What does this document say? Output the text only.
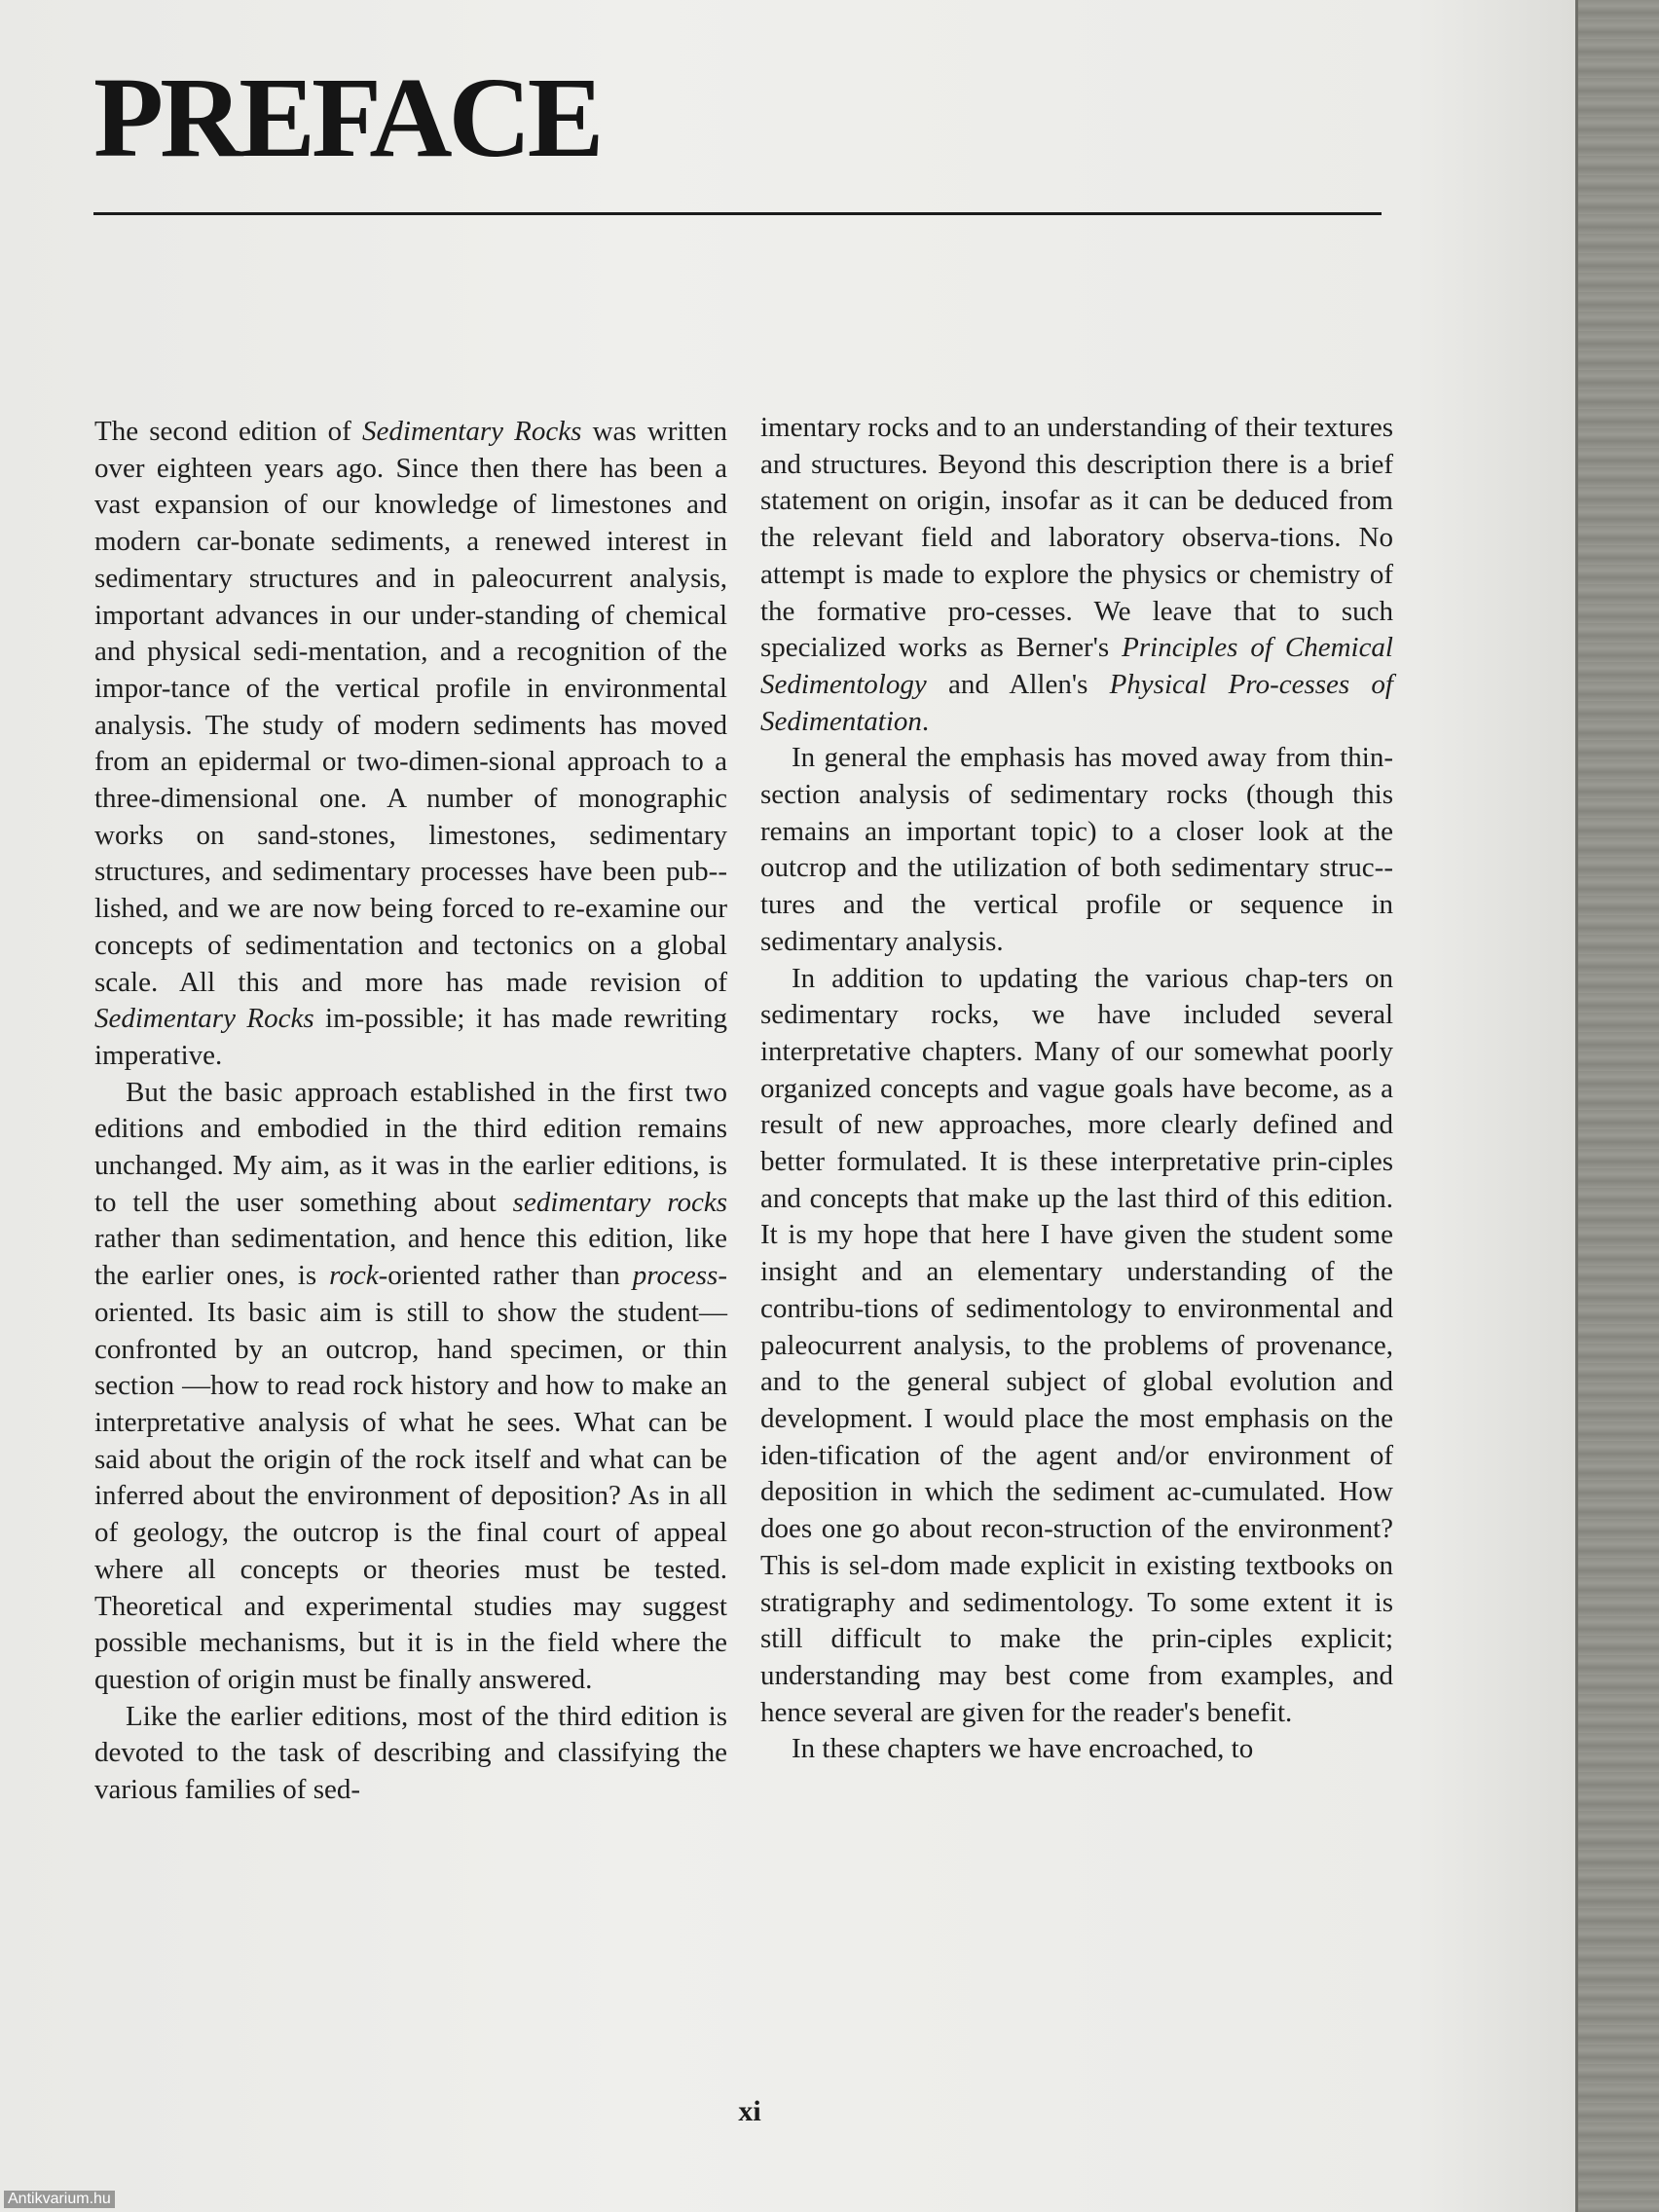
PREFACE

The second edition of Sedimentary Rocks was written over eighteen years ago. Since then there has been a vast expansion of our knowledge of limestones and modern car-bonate sediments, a renewed interest in sedimentary structures and in paleocurrent analysis, important advances in our under-standing of chemical and physical sedi-mentation, and a recognition of the impor-tance of the vertical profile in environmental analysis. The study of modern sediments has moved from an epidermal or two-dimen-sional approach to a three-dimensional one. A number of monographic works on sand-stones, limestones, sedimentary structures, and sedimentary processes have been pub-lished, and we are now being forced to re-examine our concepts of sedimentation and tectonics on a global scale. All this and more has made revision of Sedimentary Rocks im-possible; it has made rewriting imperative.

But the basic approach established in the first two editions and embodied in the third edition remains unchanged. My aim, as it was in the earlier editions, is to tell the user something about sedimentary rocks rather than sedimentation, and hence this edition, like the earlier ones, is rock-oriented rather than process-oriented. Its basic aim is still to show the student—confronted by an outcrop, hand specimen, or thin section —how to read rock history and how to make an interpretative analysis of what he sees. What can be said about the origin of the rock itself and what can be inferred about the environment of deposition? As in all of geology, the outcrop is the final court of appeal where all concepts or theories must be tested. Theoretical and experimental studies may suggest possible mechanisms, but it is in the field where the question of origin must be finally answered.

Like the earlier editions, most of the third edition is devoted to the task of describing and classifying the various families of sed-

imentary rocks and to an understanding of their textures and structures. Beyond this description there is a brief statement on origin, insofar as it can be deduced from the relevant field and laboratory observa-tions. No attempt is made to explore the physics or chemistry of the formative pro-cesses. We leave that to such specialized works as Berner's Principles of Chemical Sedimentology and Allen's Physical Pro-cesses of Sedimentation.

In general the emphasis has moved away from thin-section analysis of sedimentary rocks (though this remains an important topic) to a closer look at the outcrop and the utilization of both sedimentary struc-tures and the vertical profile or sequence in sedimentary analysis.

In addition to updating the various chap-ters on sedimentary rocks, we have included several interpretative chapters. Many of our somewhat poorly organized concepts and vague goals have become, as a result of new approaches, more clearly defined and better formulated. It is these interpretative prin-ciples and concepts that make up the last third of this edition. It is my hope that here I have given the student some insight and an elementary understanding of the contribu-tions of sedimentology to environmental and paleocurrent analysis, to the problems of provenance, and to the general subject of global evolution and development. I would place the most emphasis on the iden-tification of the agent and/or environment of deposition in which the sediment ac-cumulated. How does one go about recon-struction of the environment? This is sel-dom made explicit in existing textbooks on stratigraphy and sedimentology. To some extent it is still difficult to make the prin-ciples explicit; understanding may best come from examples, and hence several are given for the reader's benefit.

In these chapters we have encroached, to

xi
Antikvarium.hu
